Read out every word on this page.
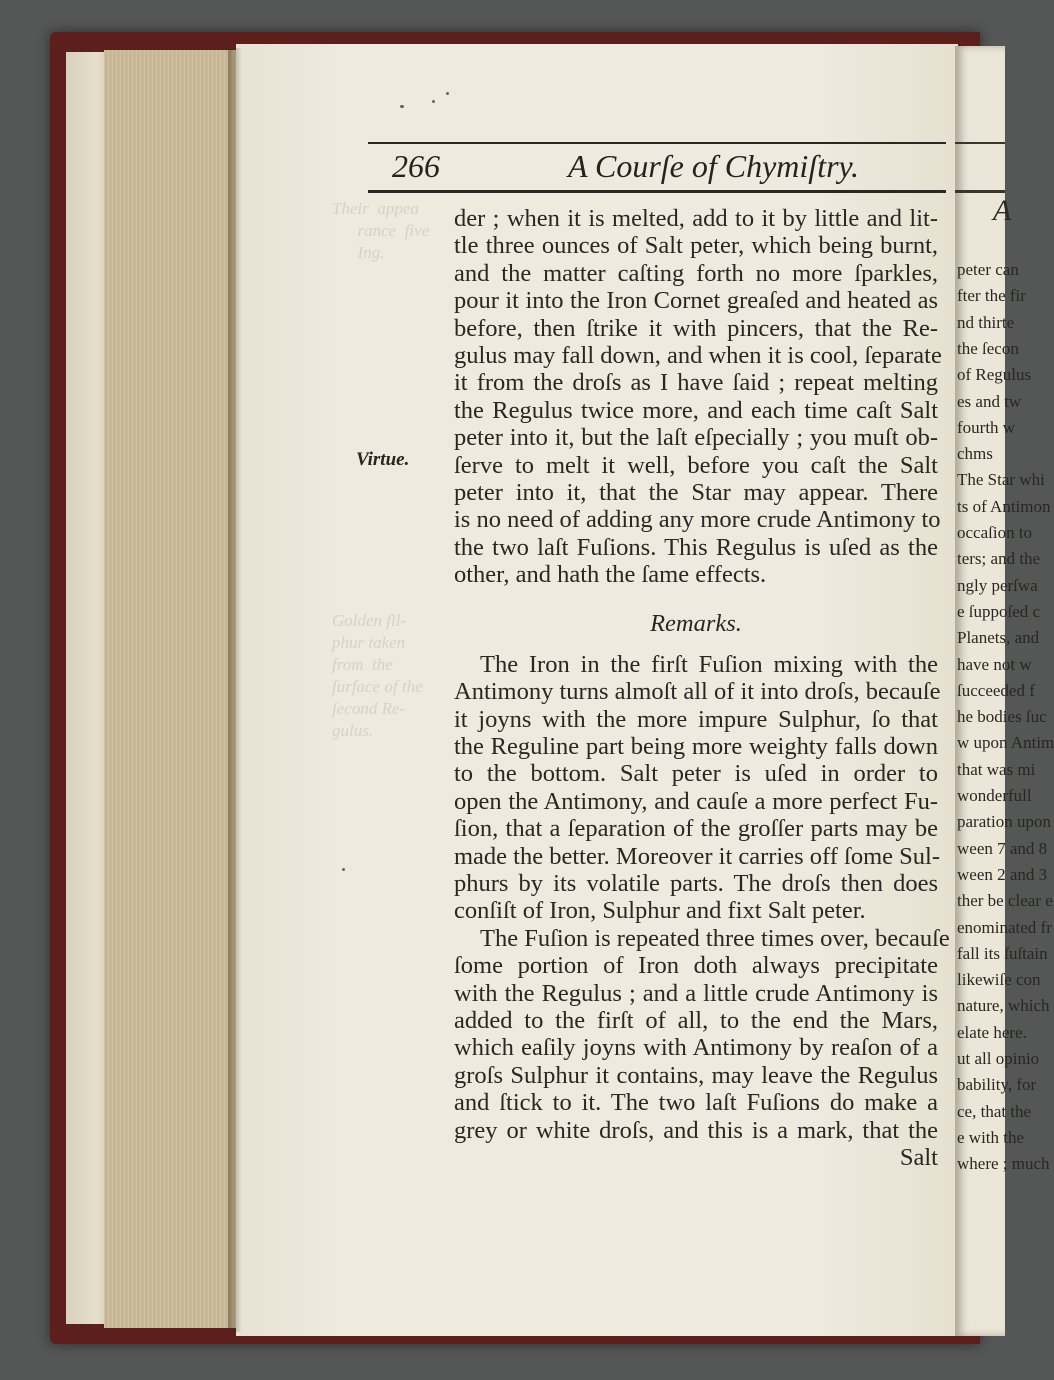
Their  appea
rance  five
Ing.
Golden fil-
phur taken
from  the
ſurface of the
ſecond Re-
gulus.
266	A Courſe of Chymiſtry.
Virtue.
der ; when it is melted, add to it by little and lit-
tle three ounces of Salt peter, which being burnt,
and the matter caſting forth no more ſparkles,
pour it into the Iron Cornet greaſed and heated as
before, then ſtrike it with pincers, that the Re-
gulus may fall down, and when it is cool, ſeparate
it from the droſs as I have ſaid ; repeat melting
the Regulus twice more, and each time caſt Salt
peter into it, but the laſt eſpecially ; you muſt ob-
ſerve to melt it well, before you caſt the Salt
peter into it, that the Star may appear. There
is no need of adding any more crude Antimony to
the two laſt Fuſions. This Regulus is uſed as the
other, and hath the ſame effects.
Remarks.
The Iron in the firſt Fuſion mixing with the
Antimony turns almoſt all of it into droſs, becauſe
it joyns with the more impure Sulphur, ſo that
the Reguline part being more weighty falls down
to the bottom. Salt peter is uſed in order to
open the Antimony, and cauſe a more perfect Fu-
ſion, that a ſeparation of the groſſer parts may be
made the better. Moreover it carries off ſome Sul-
phurs by its volatile parts. The droſs then does
conſiſt of Iron, Sulphur and fixt Salt peter.
The Fuſion is repeated three times over, becauſe
ſome portion of Iron doth always precipitate
with the Regulus ; and a little crude Antimony is
added to the firſt of all, to the end the Mars,
which eaſily joyns with Antimony by reaſon of a
groſs Sulphur it contains, may leave the Regulus
and ſtick to it. The two laſt Fuſions do make a
grey or white droſs, and this is a mark, that the
Salt
A
peter can
fter the fir
nd thirte
the ſecon
of Regulus
es and tw
fourth w
chms
The Star whi
ts of Antimon
occaſion to
ters; and the
ngly perſwa
e ſuppoſed c
Planets, and
have not w
ſucceeded f
he bodies ſuc
w upon Antim
that was mi
wonderfull
paration upon
ween 7 and 8
ween 2 and 3
ther be clear e
enominated fr
fall its ſuſtain
likewiſe con
nature, which
elate here.
ut all opinio
bability, for
ce, that the
e with the
where ; much
